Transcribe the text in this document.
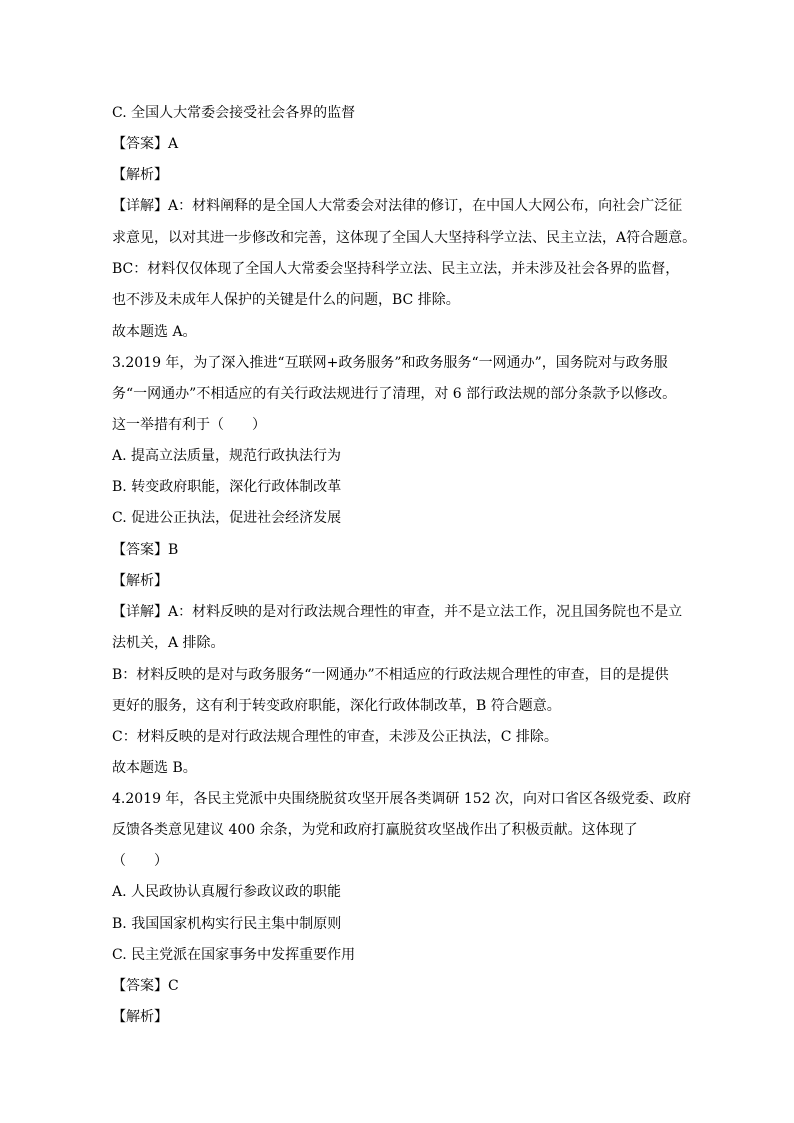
C. 全国人大常委会接受社会各界的监督
【答案】A
【解析】
【详解】A：材料阐释的是全国人大常委会对法律的修订，在中国人大网公布，向社会广泛征
求意见，以对其进一步修改和完善，这体现了全国人大坚持科学立法、民主立法，A符合题意。
BC：材料仅仅体现了全国人大常委会坚持科学立法、民主立法，并未涉及社会各界的监督，
也不涉及未成年人保护的关键是什么的问题，BC 排除。
故本题选 A。
3.2019 年，为了深入推进“互联网+政务服务”和政务服务“一网通办”，国务院对与政务服
务“一网通办”不相适应的有关行政法规进行了清理，对 6 部行政法规的部分条款予以修改。
这一举措有利于（　　）
A. 提高立法质量，规范行政执法行为
B. 转变政府职能，深化行政体制改革
C. 促进公正执法，促进社会经济发展
【答案】B
【解析】
【详解】A：材料反映的是对行政法规合理性的审查，并不是立法工作，况且国务院也不是立
法机关，A 排除。
B：材料反映的是对与政务服务“一网通办”不相适应的行政法规合理性的审查，目的是提供
更好的服务，这有利于转变政府职能，深化行政体制改革，B 符合题意。
C：材料反映的是对行政法规合理性的审查，未涉及公正执法，C 排除。
故本题选 B。
4.2019 年，各民主党派中央围绕脱贫攻坚开展各类调研 152 次，向对口省区各级党委、政府
反馈各类意见建议 400 余条，为党和政府打赢脱贫攻坚战作出了积极贡献。这体现了
（　　）
A. 人民政协认真履行参政议政的职能
B. 我国国家机构实行民主集中制原则
C. 民主党派在国家事务中发挥重要作用
【答案】C
【解析】
